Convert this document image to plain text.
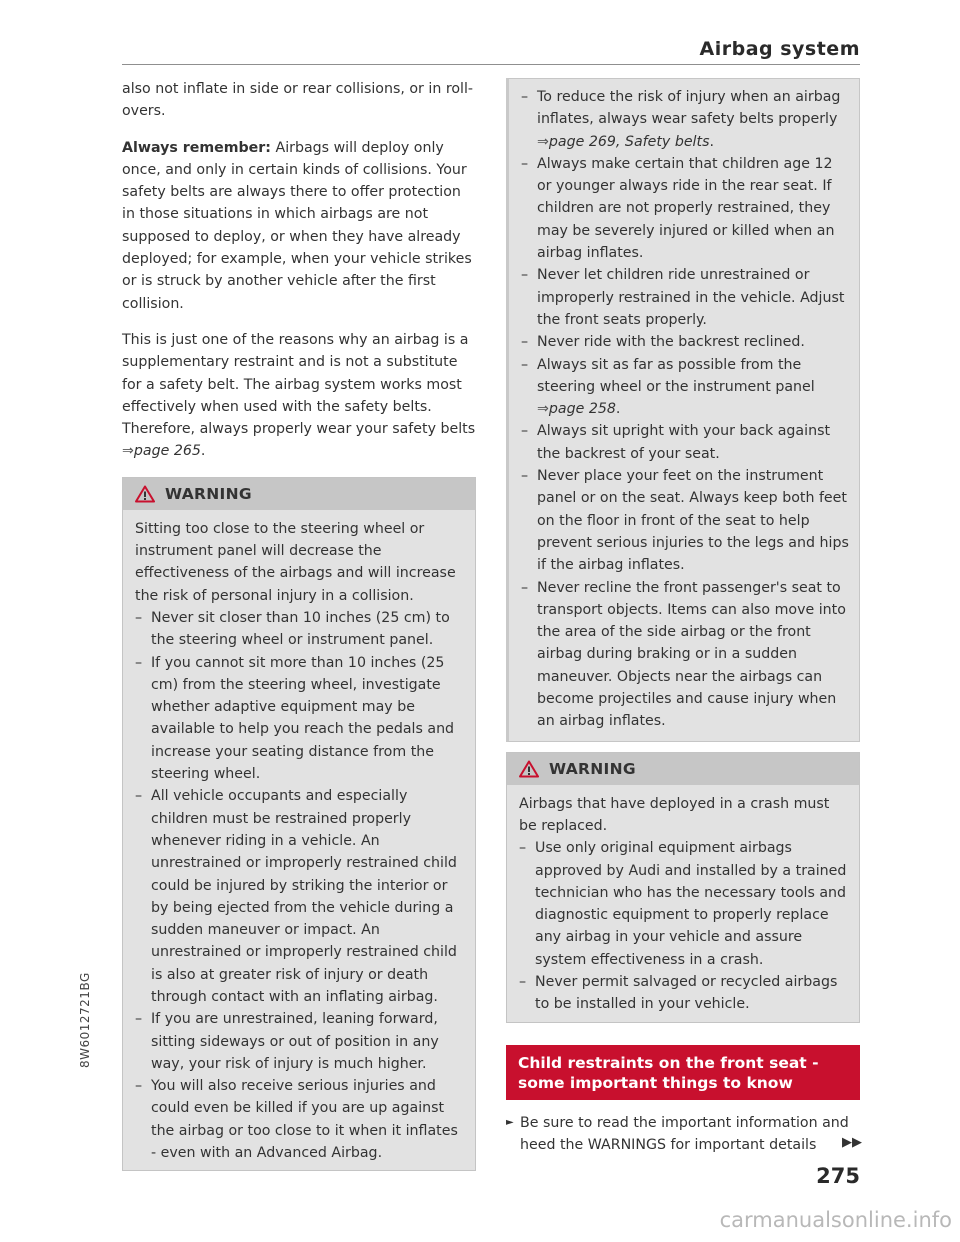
Airbag system

also not inflate in side or rear collisions, or in roll-overs.

Always remember: Airbags will deploy only once, and only in certain kinds of collisions. Your safety belts are always there to offer protection in those situations in which airbags are not supposed to deploy, or when they have already deployed; for example, when your vehicle strikes or is struck by another vehicle after the first collision.

This is just one of the reasons why an airbag is a supplementary restraint and is not a substitute for a safety belt. The airbag system works most effectively when used with the safety belts. Therefore, always properly wear your safety belts ⇒page 265.

WARNING

Sitting too close to the steering wheel or instrument panel will decrease the effectiveness of the airbags and will increase the risk of personal injury in a collision.

– Never sit closer than 10 inches (25 cm) to the steering wheel or instrument panel.
– If you cannot sit more than 10 inches (25 cm) from the steering wheel, investigate whether adaptive equipment may be available to help you reach the pedals and increase your seating distance from the steering wheel.
– All vehicle occupants and especially children must be restrained properly whenever riding in a vehicle. An unrestrained or improperly restrained child could be injured by striking the interior or by being ejected from the vehicle during a sudden maneuver or impact. An unrestrained or improperly restrained child is also at greater risk of injury or death through contact with an inflating airbag.
– If you are unrestrained, leaning forward, sitting sideways or out of position in any way, your risk of injury is much higher.
– You will also receive serious injuries and could even be killed if you are up against the airbag or too close to it when it inflates - even with an Advanced Airbag.
– To reduce the risk of injury when an airbag inflates, always wear safety belts properly ⇒page 269, Safety belts.
– Always make certain that children age 12 or younger always ride in the rear seat. If children are not properly restrained, they may be severely injured or killed when an airbag inflates.
– Never let children ride unrestrained or improperly restrained in the vehicle. Adjust the front seats properly.
– Never ride with the backrest reclined.
– Always sit as far as possible from the steering wheel or the instrument panel ⇒page 258.
– Always sit upright with your back against the backrest of your seat.
– Never place your feet on the instrument panel or on the seat. Always keep both feet on the floor in front of the seat to help prevent serious injuries to the legs and hips if the airbag inflates.
– Never recline the front passenger's seat to transport objects. Items can also move into the area of the side airbag or the front airbag during braking or in a sudden maneuver. Objects near the airbags can become projectiles and cause injury when an airbag inflates.
WARNING

Airbags that have deployed in a crash must be replaced.

– Use only original equipment airbags approved by Audi and installed by a trained technician who has the necessary tools and diagnostic equipment to properly replace any airbag in your vehicle and assure system effectiveness in a crash.
– Never permit salvaged or recycled airbags to be installed in your vehicle.
Child restraints on the front seat - some important things to know
► Be sure to read the important information and heed the WARNINGS for important details ▶▶
8W6012721BG
275
carmanualsonline.info
